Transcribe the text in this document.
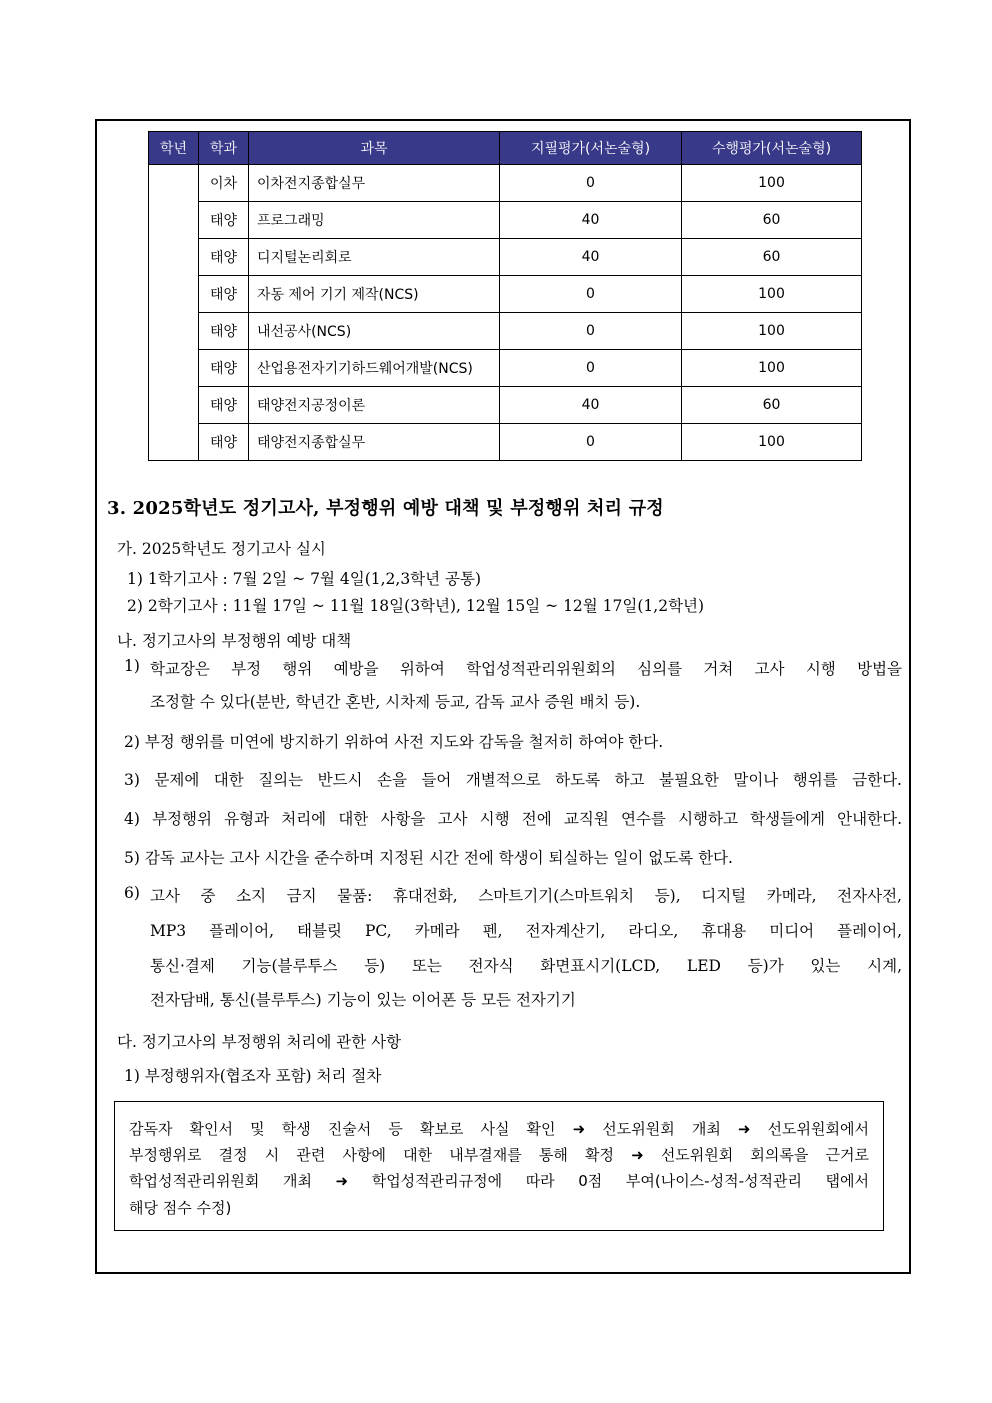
학년	학과	과목	지필평가(서논술형)	수행평가(서논술형)
	이차	이차전지종합실무	0	100
	태양	프로그래밍	40	60
	태양	디지털논리회로	40	60
	태양	자동 제어 기기 제작(NCS)	0	100
	태양	내선공사(NCS)	0	100
	태양	산업용전자기기하드웨어개발(NCS)	0	100
	태양	태양전지공정이론	40	60
	태양	태양전지종합실무	0	100
3. 2025학년도 정기고사, 부정행위 예방 대책 및 부정행위 처리 규정
가. 2025학년도 정기고사 실시
1) 1학기고사 : 7월 2일 ~ 7월 4일(1,2,3학년 공통)
2) 2학기고사 : 11월 17일 ~ 11월 18일(3학년), 12월 15일 ~ 12월 17일(1,2학년)
나. 정기고사의 부정행위 예방 대책
1) 학교장은 부정 행위 예방을 위하여 학업성적관리위원회의 심의를 거쳐 고사 시행 방법을
조정할 수 있다(분반, 학년간 혼반, 시차제 등교, 감독 교사 증원 배치 등).
2) 부정 행위를 미연에 방지하기 위하여 사전 지도와 감독을 철저히 하여야 한다.
3) 문제에 대한 질의는 반드시 손을 들어 개별적으로 하도록 하고 불필요한 말이나 행위를 금한다.
4) 부정행위 유형과 처리에 대한 사항을 고사 시행 전에 교직원 연수를 시행하고 학생들에게 안내한다.
5) 감독 교사는 고사 시간을 준수하며 지정된 시간 전에 학생이 퇴실하는 일이 없도록 한다.
6) 고사 중 소지 금지 물품: 휴대전화, 스마트기기(스마트워치 등), 디지털 카메라, 전자사전,
MP3 플레이어, 태블릿 PC, 카메라 펜, 전자계산기, 라디오, 휴대용 미디어 플레이어,
통신·결제 기능(블루투스 등) 또는 전자식 화면표시기(LCD, LED 등)가 있는 시계,
전자담배, 통신(블루투스) 기능이 있는 이어폰 등 모든 전자기기
다. 정기고사의 부정행위 처리에 관한 사항
1) 부정행위자(협조자 포함) 처리 절차
감독자 확인서 및 학생 진술서 등 확보로 사실 확인 ➜ 선도위원회 개최 ➜ 선도위원회에서
부정행위로 결정 시 관련 사항에 대한 내부결재를 통해 확정 ➜ 선도위원회 회의록을 근거로
학업성적관리위원회 개최 ➜ 학업성적관리규정에 따라 0점 부여(나이스-성적-성적관리 탭에서
해당 점수 수정)
